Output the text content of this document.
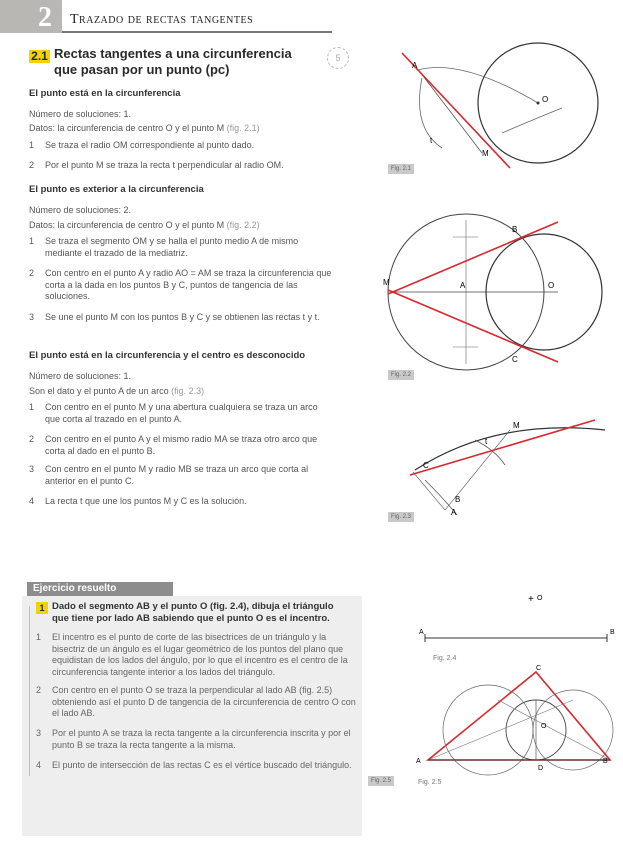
2 Trazado de rectas tangentes
2.1 Rectas tangentes a una circunferencia que pasan por un punto (pc)
5
El punto está en la circunferencia
Número de soluciones: 1.
Datos: la circunferencia de centro O y el punto M (fig. 2.1)
1	Se traza el radio OM correspondiente al punto dado.
2	Por el punto M se traza la recta t perpendicular al radio OM.
El punto es exterior a la circunferencia
Número de soluciones: 2.
Datos: la circunferencia de centro O y el punto M (fig. 2.2)
1	Se traza el segmento OM y se halla el punto medio A de mismo mediante el trazado de la mediatriz.
2	Con centro en el punto A y radio AO = AM se traza la circunferencia que corta a la dada en los puntos B y C, puntos de tangencia de las soluciones.
3	Se une el punto M con los puntos B y C y se obtienen las rectas t y t.
El punto está en la circunferencia y el centro es desconocido
Número de soluciones: 1.
Son el dato y el punto A de un arco (fig. 2.3)
1	Con centro en el punto M y una abertura cualquiera se traza un arco que corta al trazado en el punto A.
2	Con centro en el punto A y el mismo radio MA se traza otro arco que corta al dado en el punto B.
3	Con centro en el punto M y radio MB se traza un arco que corta al anterior en el punto C.
4	La recta t que une los puntos M y C es la solución.
O
A
t
M
Fig. 2.1
M	A	O
B
C
Fig. 2.2
M
C
B
A
t
Fig. 2.3
Ejercicio resuelto
1 Dado el segmento AB y el punto O (fig. 2.4), dibuja el triángulo que tiene por lado AB sabiendo que el punto O es el incentro.
1	El incentro es el punto de corte de las bisectrices de un triángulo y la bisectriz de un ángulo es el lugar geométrico de los puntos del plano que equidistan de los lados del ángulo, por lo que el incentro es el centro de la circunferencia tangente interior a los lados del triángulo.
2	Con centro en el punto O se traza la perpendicular al lado AB (fig. 2.5) obteniendo así el punto D de tangencia de la circunferencia de centro O con el lado AB.
3	Por el punto A se traza la recta tangente a la circunferencia inscrita y por el punto B se traza la recta tangente a la misma.
4	El punto de intersección de las rectas C es el vértice buscado del triángulo.
Fig. 2.5
+ O
A	B
Fig. 2.4
A	B
C
O
D
Fig. 2.5
